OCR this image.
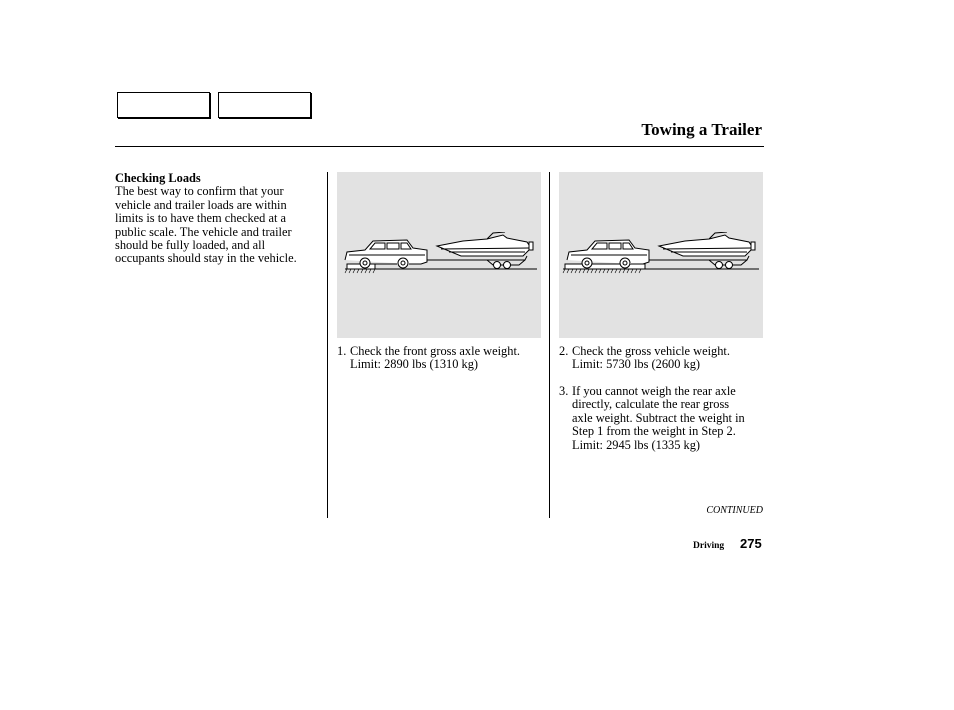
Towing a Trailer
Checking Loads
The best way to confirm that your
vehicle and trailer loads are within
limits is to have them checked at a
public scale. The vehicle and trailer
should be fully loaded, and all
occupants should stay in the vehicle.
1. Check the front gross axle weight.
Limit: 2890 lbs (1310 kg)
2. Check the gross vehicle weight.
Limit: 5730 lbs (2600 kg)
3. If you cannot weigh the rear axle
directly, calculate the rear gross
axle weight. Subtract the weight in
Step 1 from the weight in Step 2.
Limit: 2945 lbs (1335 kg)
CONTINUED
Driving 275
